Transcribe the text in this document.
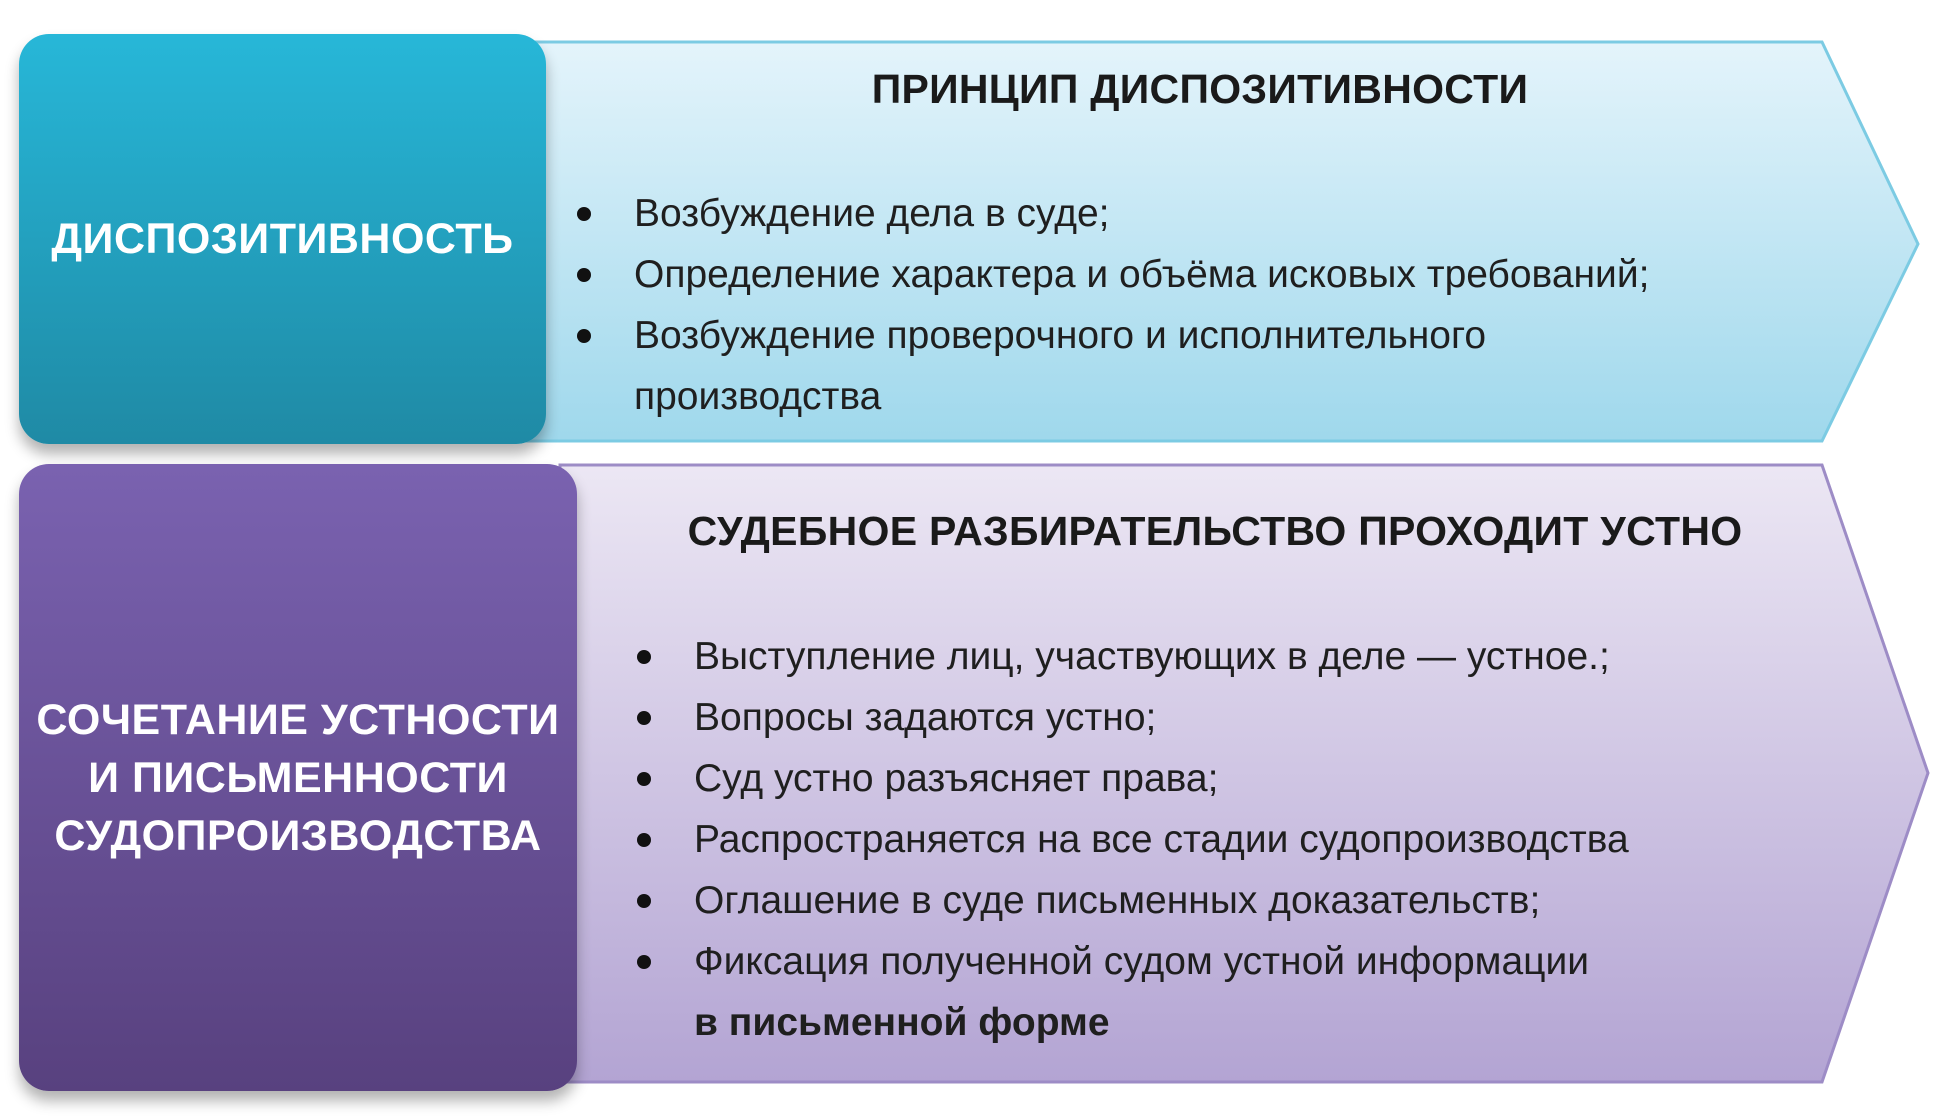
ДИСПОЗИТИВНОСТЬ
ПРИНЦИП ДИСПОЗИТИВНОСТИ
Возбуждение дела в суде;
Определение характера и объёма исковых требований;
Возбуждение проверочного и исполнительного
производства
СОЧЕТАНИЕ УСТНОСТИ
И ПИСЬМЕННОСТИ
СУДОПРОИЗВОДСТВА
СУДЕБНОЕ РАЗБИРАТЕЛЬСТВО ПРОХОДИТ УСТНО
Выступление лиц, участвующих в деле — устное.;
Вопросы задаются устно;
Суд устно разъясняет права;
Распространяется на все стадии судопроизводства
Оглашение в суде письменных доказательств;
Фиксация полученной судом устной информации
в письменной форме
